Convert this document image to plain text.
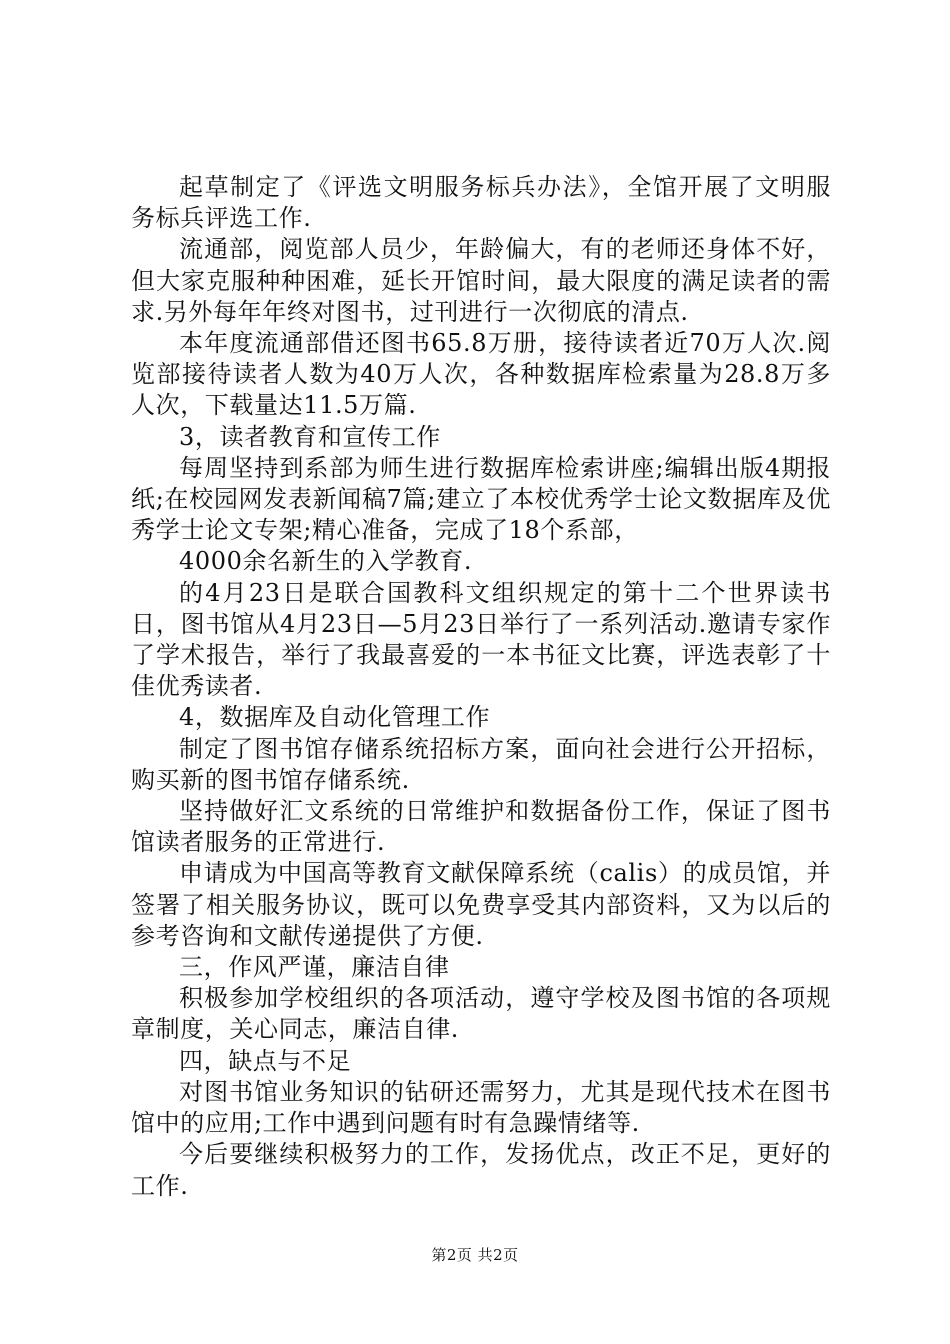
起草制定了《评选文明服务标兵办法》，全馆开展了文明服务标兵评选工作.

流通部，阅览部人员少，年龄偏大，有的老师还身体不好，但大家克服种种困难，延长开馆时间，最大限度的满足读者的需求.另外每年年终对图书，过刊进行一次彻底的清点.

本年度流通部借还图书65.8万册，接待读者近70万人次.阅览部接待读者人数为40万人次，各种数据库检索量为28.8万多人次，下载量达11.5万篇.

3，读者教育和宣传工作

每周坚持到系部为师生进行数据库检索讲座;编辑出版4期报纸;在校园网发表新闻稿7篇;建立了本校优秀学士论文数据库及优秀学士论文专架;精心准备，完成了18个系部，

4000余名新生的入学教育.

的4月23日是联合国教科文组织规定的第十二个世界读书日，图书馆从4月23日—5月23日举行了一系列活动.邀请专家作了学术报告，举行了我最喜爱的一本书征文比赛，评选表彰了十佳优秀读者.

4，数据库及自动化管理工作

制定了图书馆存储系统招标方案，面向社会进行公开招标，购买新的图书馆存储系统.

坚持做好汇文系统的日常维护和数据备份工作，保证了图书馆读者服务的正常进行.

申请成为中国高等教育文献保障系统（calis）的成员馆，并签署了相关服务协议，既可以免费享受其内部资料，又为以后的参考咨询和文献传递提供了方便.

三，作风严谨，廉洁自律

积极参加学校组织的各项活动，遵守学校及图书馆的各项规章制度，关心同志，廉洁自律.

四，缺点与不足

对图书馆业务知识的钻研还需努力，尤其是现代技术在图书馆中的应用;工作中遇到问题有时有急躁情绪等.

今后要继续积极努力的工作，发扬优点，改正不足，更好的工作.

第2页 共2页
